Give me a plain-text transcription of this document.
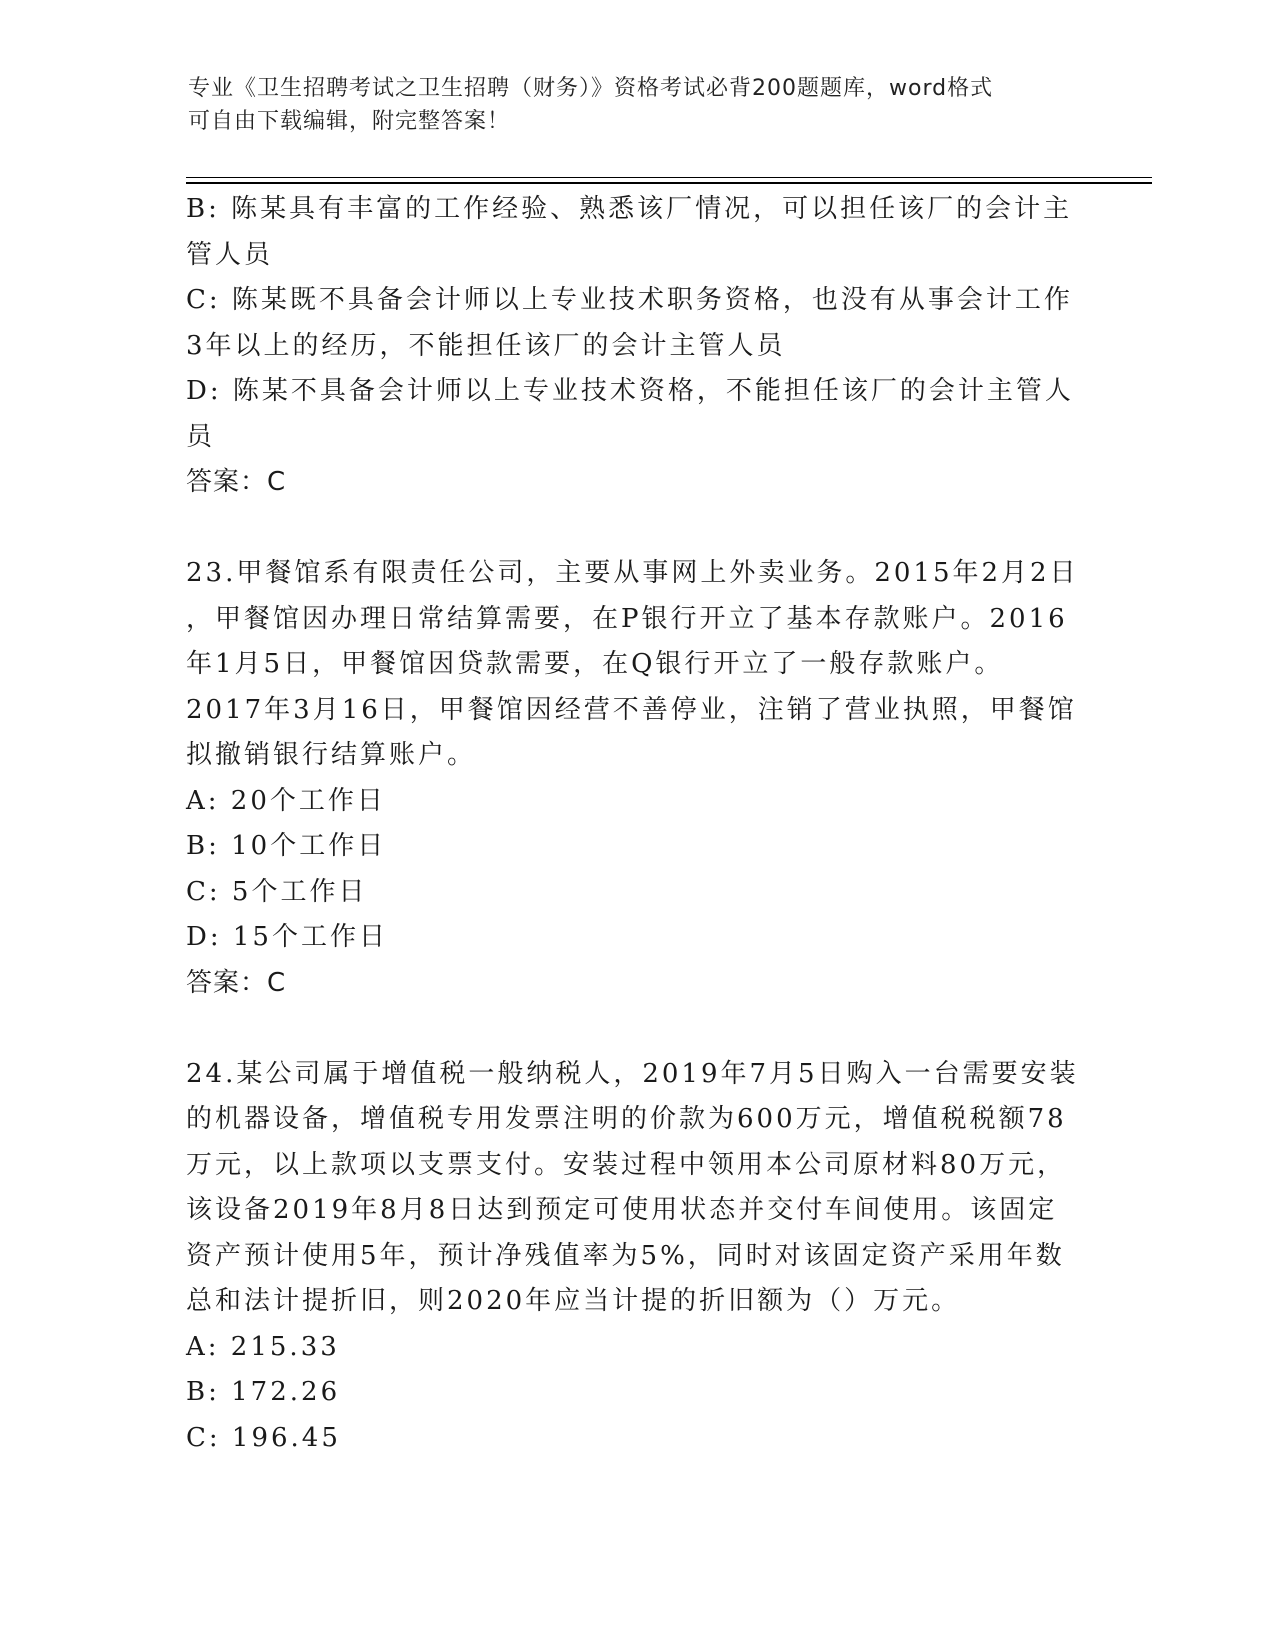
专业《卫生招聘考试之卫生招聘（财务）》资格考试必背200题题库，word格式
可自由下载编辑，附完整答案！
B: 陈某具有丰富的工作经验、熟悉该厂情况，可以担任该厂的会计主
管人员
C: 陈某既不具备会计师以上专业技术职务资格，也没有从事会计工作
3年以上的经历，不能担任该厂的会计主管人员
D: 陈某不具备会计师以上专业技术资格，不能担任该厂的会计主管人
员
答案：C
23.甲餐馆系有限责任公司，主要从事网上外卖业务。2015年2月2日
，甲餐馆因办理日常结算需要，在P银行开立了基本存款账户。2016
年1月5日，甲餐馆因贷款需要，在Q银行开立了一般存款账户。
2017年3月16日，甲餐馆因经营不善停业，注销了营业执照，甲餐馆
拟撤销银行结算账户。
A: 20个工作日
B: 10个工作日
C: 5个工作日
D: 15个工作日
答案：C
24.某公司属于增值税一般纳税人，2019年7月5日购入一台需要安装
的机器设备，增值税专用发票注明的价款为600万元，增值税税额78
万元，以上款项以支票支付。安装过程中领用本公司原材料80万元，
该设备2019年8月8日达到预定可使用状态并交付车间使用。该固定
资产预计使用5年，预计净残值率为5%，同时对该固定资产采用年数
总和法计提折旧，则2020年应当计提的折旧额为（）万元。
A: 215.33
B: 172.26
C: 196.45
